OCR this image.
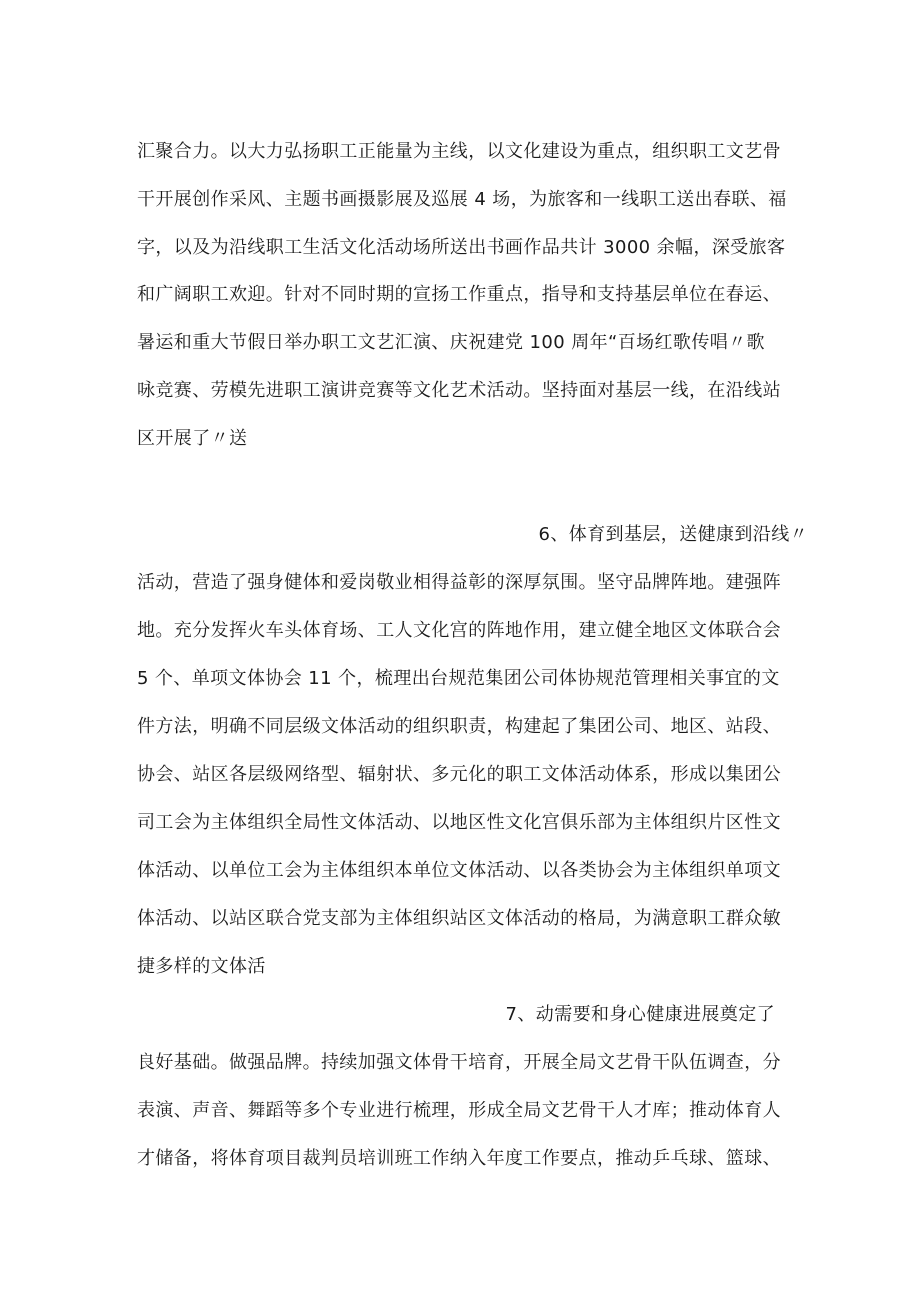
汇聚合力。以大力弘扬职工正能量为主线，以文化建设为重点，组织职工文艺骨
干开展创作采风、主题书画摄影展及巡展 4 场，为旅客和一线职工送出春联、福
字，以及为沿线职工生活文化活动场所送出书画作品共计 3000 余幅，深受旅客
和广阔职工欢迎。针对不同时期的宣扬工作重点，指导和支持基层单位在春运、
暑运和重大节假日举办职工文艺汇演、庆祝建党 100 周年“百场红歌传唱〃歌
咏竞赛、劳模先进职工演讲竞赛等文化艺术活动。坚持面对基层一线，在沿线站
区开展了〃送
6、体育到基层，送健康到沿线〃
活动，营造了强身健体和爱岗敬业相得益彰的深厚氛围。坚守品牌阵地。建强阵
地。充分发挥火车头体育场、工人文化宫的阵地作用，建立健全地区文体联合会
5 个、单项文体协会 11 个，梳理出台规范集团公司体协规范管理相关事宜的文
件方法，明确不同层级文体活动的组织职责，构建起了集团公司、地区、站段、
协会、站区各层级网络型、辐射状、多元化的职工文体活动体系，形成以集团公
司工会为主体组织全局性文体活动、以地区性文化宫俱乐部为主体组织片区性文
体活动、以单位工会为主体组织本单位文体活动、以各类协会为主体组织单项文
体活动、以站区联合党支部为主体组织站区文体活动的格局，为满意职工群众敏
捷多样的文体活
7、动需要和身心健康进展奠定了
良好基础。做强品牌。持续加强文体骨干培育，开展全局文艺骨干队伍调查，分
表演、声音、舞蹈等多个专业进行梳理，形成全局文艺骨干人才库；推动体育人
才储备，将体育项目裁判员培训班工作纳入年度工作要点，推动乒乓球、篮球、
